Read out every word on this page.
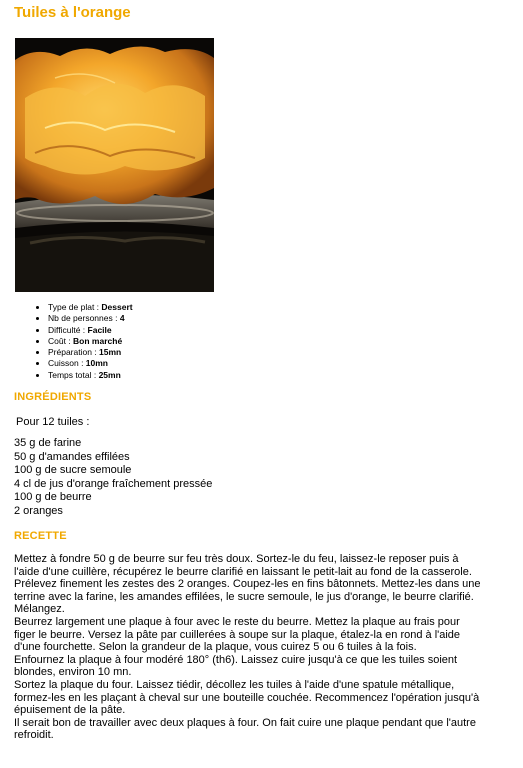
Tuiles à l'orange
• Type de plat : Dessert
• Nb de personnes : 4
• Difficulté : Facile
• Coût : Bon marché
• Préparation : 15mn
• Cuisson : 10mn
• Temps total : 25mn
INGRÉDIENTS
Pour 12 tuiles :
35 g de farine
50 g d'amandes effilées
100 g de sucre semoule
4 cl de jus d'orange fraîchement pressée
100 g de beurre
2 oranges
RECETTE

Mettez à fondre 50 g de beurre sur feu très doux. Sortez-le du feu, laissez-le reposer puis à l'aide d'une cuillère, récupérez le beurre clarifié en laissant le petit-lait au fond de la casserole.

Prélevez finement les zestes des 2 oranges. Coupez-les en fins bâtonnets. Mettez-les dans une terrine avec la farine, les amandes effilées, le sucre semoule, le jus d'orange, le beurre clarifié. Mélangez.

Beurrez largement une plaque à four avec le reste du beurre. Mettez la plaque au frais pour figer le beurre. Versez la pâte par cuillerées à soupe sur la plaque, étalez-la en rond à l'aide d'une fourchette. Selon la grandeur de la plaque, vous cuirez 5 ou 6 tuiles à la fois.

Enfournez la plaque à four modéré 180° (th6). Laissez cuire jusqu'à ce que les tuiles soient blondes, environ 10 mn.

Sortez la plaque du four. Laissez tiédir, décollez les tuiles à l'aide d'une spatule métallique, formez-les en les plaçant à cheval sur une bouteille couchée. Recommencez l'opération jusqu'à épuisement de la pâte.

Il serait bon de travailler avec deux plaques à four. On fait cuire une plaque pendant que l'autre refroidit.
